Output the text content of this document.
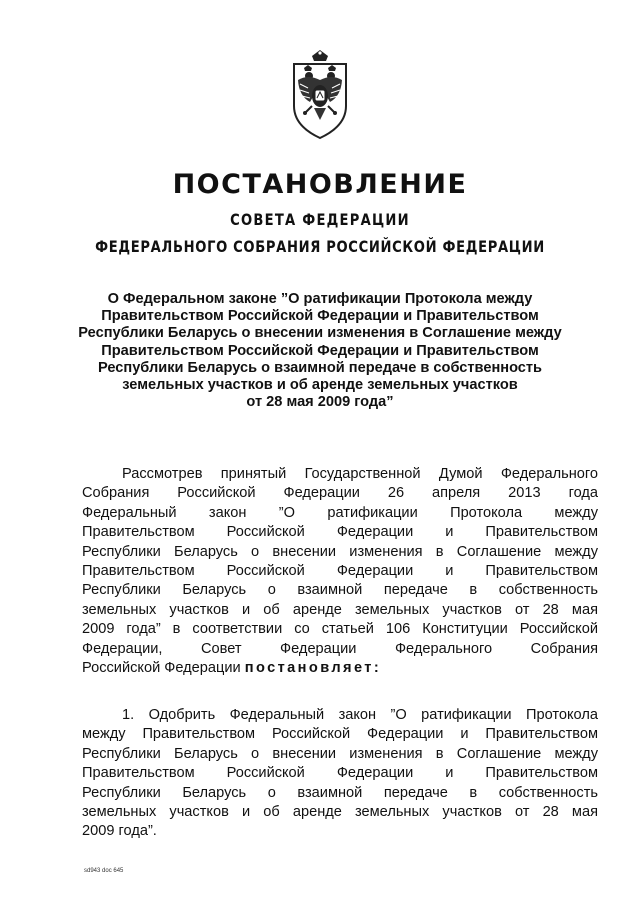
ПОСТАНОВЛЕНИЕ
СОВЕТА ФЕДЕРАЦИИ
ФЕДЕРАЛЬНОГО СОБРАНИЯ РОССИЙСКОЙ ФЕДЕРАЦИИ
О Федеральном законе ”О ратификации Протокола между
Правительством Российской Федерации и Правительством
Республики Беларусь о внесении изменения в Соглашение между
Правительством Российской Федерации и Правительством
Республики Беларусь о взаимной передаче в собственность
земельных участков и об аренде земельных участков
от 28 мая 2009 года”
Рассмотрев принятый Государственной Думой Федерального
Собрания Российской Федерации 26 апреля 2013 года
Федеральный закон ”О ратификации Протокола между
Правительством Российской Федерации и Правительством
Республики Беларусь о внесении изменения в Соглашение между
Правительством Российской Федерации и Правительством
Республики Беларусь о взаимной передаче в собственность
земельных участков и об аренде земельных участков от 28 мая
2009 года” в соответствии со статьей 106 Конституции Российской
Федерации, Совет Федерации Федерального Собрания
Российской Федерации постановляет:
1. Одобрить Федеральный закон ”О ратификации Протокола
между Правительством Российской Федерации и Правительством
Республики Беларусь о внесении изменения в Соглашение между
Правительством Российской Федерации и Правительством
Республики Беларусь о взаимной передаче в собственность
земельных участков и об аренде земельных участков от 28 мая
2009 года”.
sd943 doc 645
